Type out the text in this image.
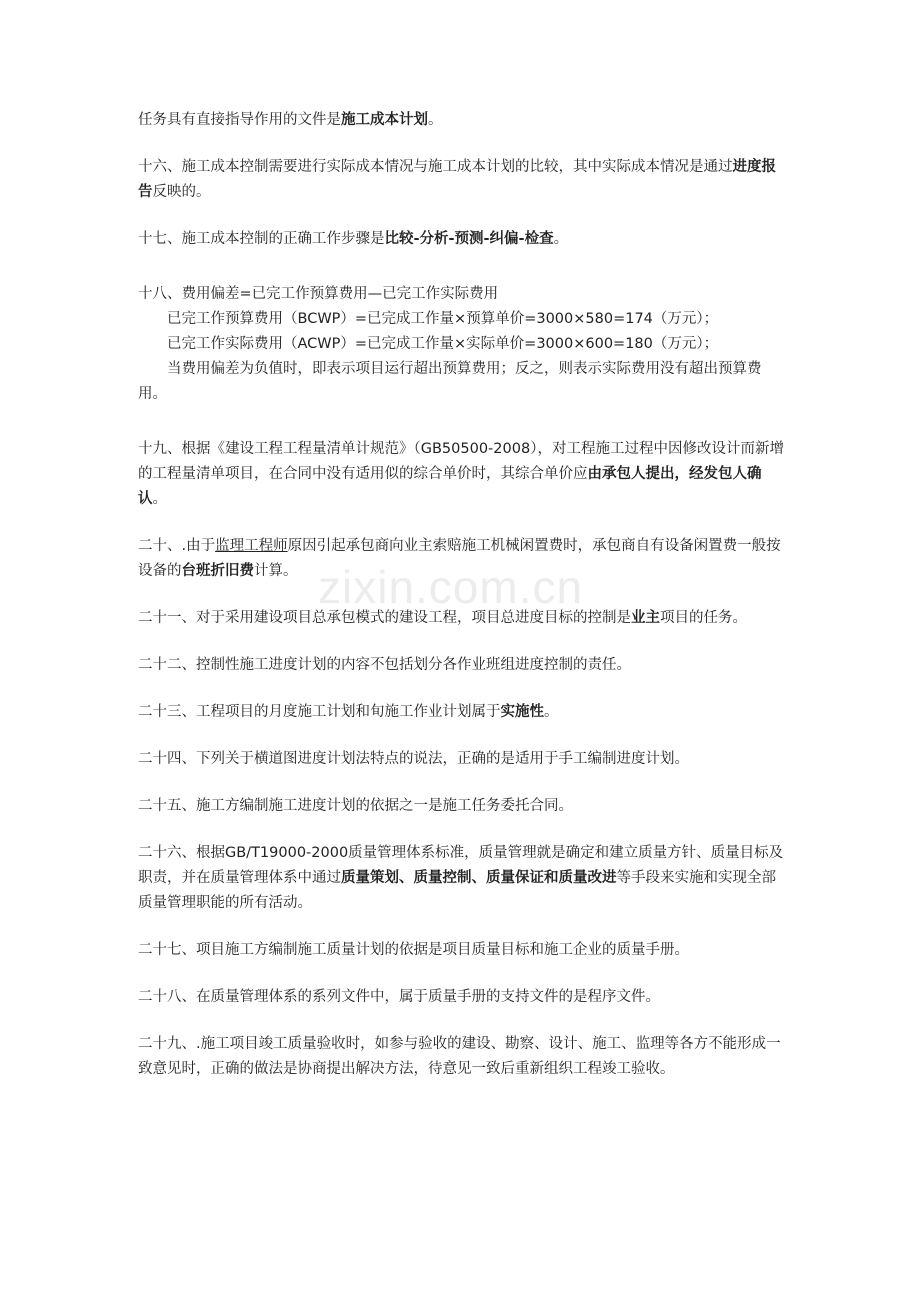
zixin.com.cn

任务具有直接指导作用的文件是施工成本计划。

十六、施工成本控制需要进行实际成本情况与施工成本计划的比较，其中实际成本情况是通过进度报告反映的。

十七、施工成本控制的正确工作步骤是比较-分析-预测-纠偏-检查。

十八、费用偏差=已完工作预算费用—已完工作实际费用

已完工作预算费用（BCWP）=已完成工作量×预算单价=3000×580=174（万元）；

已完工作实际费用（ACWP）=已完成工作量×实际单价=3000×600=180（万元）；

当费用偏差为负值时，即表示项目运行超出预算费用；反之，则表示实际费用没有超出预算费用。

十九、根据《建设工程工程量清单计规范》（GB50500-2008），对工程施工过程中因修改设计而新增的工程量清单项目，在合同中没有适用似的综合单价时，其综合单价应由承包人提出，经发包人确认。

二十、.由于监理工程师原因引起承包商向业主索赔施工机械闲置费时，承包商自有设备闲置费一般按设备的台班折旧费计算。

二十一、对于采用建设项目总承包模式的建设工程，项目总进度目标的控制是业主项目的任务。

二十二、控制性施工进度计划的内容不包括划分各作业班组进度控制的责任。

二十三、工程项目的月度施工计划和旬施工作业计划属于实施性。

二十四、下列关于横道图进度计划法特点的说法，正确的是适用于手工编制进度计划。

二十五、施工方编制施工进度计划的依据之一是施工任务委托合同。

二十六、根据GB/T19000-2000质量管理体系标准，质量管理就是确定和建立质量方针、质量目标及职责，并在质量管理体系中通过质量策划、质量控制、质量保证和质量改进等手段来实施和实现全部质量管理职能的所有活动。

二十七、项目施工方编制施工质量计划的依据是项目质量目标和施工企业的质量手册。

二十八、在质量管理体系的系列文件中，属于质量手册的支持文件的是程序文件。

二十九、.施工项目竣工质量验收时，如参与验收的建设、勘察、设计、施工、监理等各方不能形成一致意见时，正确的做法是协商提出解决方法，待意见一致后重新组织工程竣工验收。
